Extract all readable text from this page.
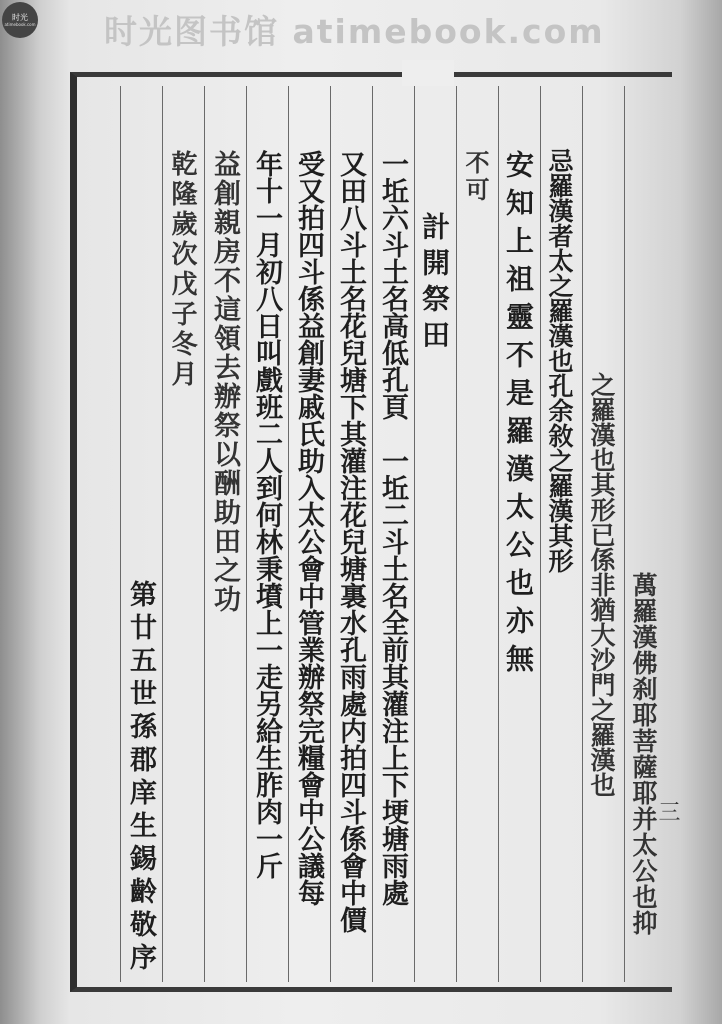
时光
atimebook.com 时光图书馆 atimebook.com
萬羅漢佛刹耶菩薩耶并太公也抑
之羅漢也其形已係非猶大沙門之羅漢也
忌羅漢者太之羅漢也孔余敘之羅漢其形
安知上祖靈不是羅漢太公也亦無
不可
計開祭田
一坵六斗土名高低孔頁　一坵二斗土名全前其灌注上下埂塘雨處
又田八斗土名花兒塘下其灌注花兒塘裏水孔雨處内拍四斗係會中價
受又拍四斗係益創妻戚氏助入太公會中管業辦祭完糧會中公議每
年十一月初八日叫戲班二人到何林秉墳上一走另給生胙肉一斤
益創親房不這領去辦祭以酬助田之功
乾隆歲次戊子冬月
第廿五世孫郡庠生錫齡敬序	三
